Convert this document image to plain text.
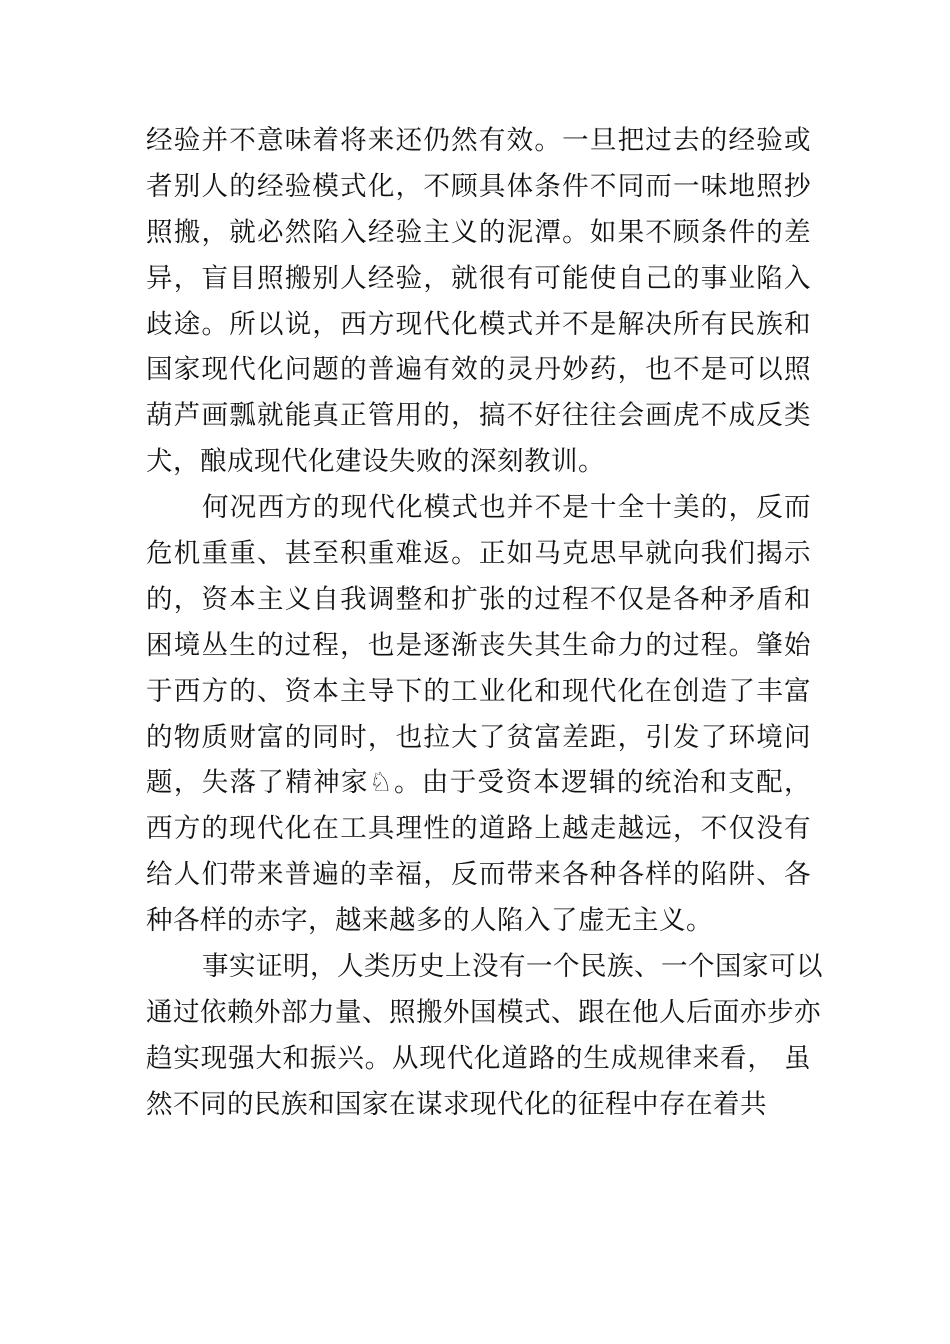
经验并不意味着将来还仍然有效。一旦把过去的经验或
者别人的经验模式化，不顾具体条件不同而一味地照抄
照搬，就必然陷入经验主义的泥潭。如果不顾条件的差
异，盲目照搬别人经验，就很有可能使自己的事业陷入
歧途。所以说，西方现代化模式并不是解决所有民族和
国家现代化问题的普遍有效的灵丹妙药，也不是可以照
葫芦画瓢就能真正管用的，搞不好往往会画虎不成反类
犬，酿成现代化建设失败的深刻教训。
何况西方的现代化模式也并不是十全十美的，反而
危机重重、甚至积重难返。正如马克思早就向我们揭示
的，资本主义自我调整和扩张的过程不仅是各种矛盾和
困境丛生的过程，也是逐渐丧失其生命力的过程。肇始
于西方的、资本主导下的工业化和现代化在创造了丰富
的物质财富的同时，也拉大了贫富差距，引发了环境问
题，失落了精神家♘。由于受资本逻辑的统治和支配，
西方的现代化在工具理性的道路上越走越远，不仅没有
给人们带来普遍的幸福，反而带来各种各样的陷阱、各
种各样的赤字，越来越多的人陷入了虚无主义。
事实证明，人类历史上没有一个民族、一个国家可以
通过依赖外部力量、照搬外国模式、跟在他人后面亦步亦
趋实现强大和振兴。从现代化道路的生成规律来看， 虽
然不同的民族和国家在谋求现代化的征程中存在着共
